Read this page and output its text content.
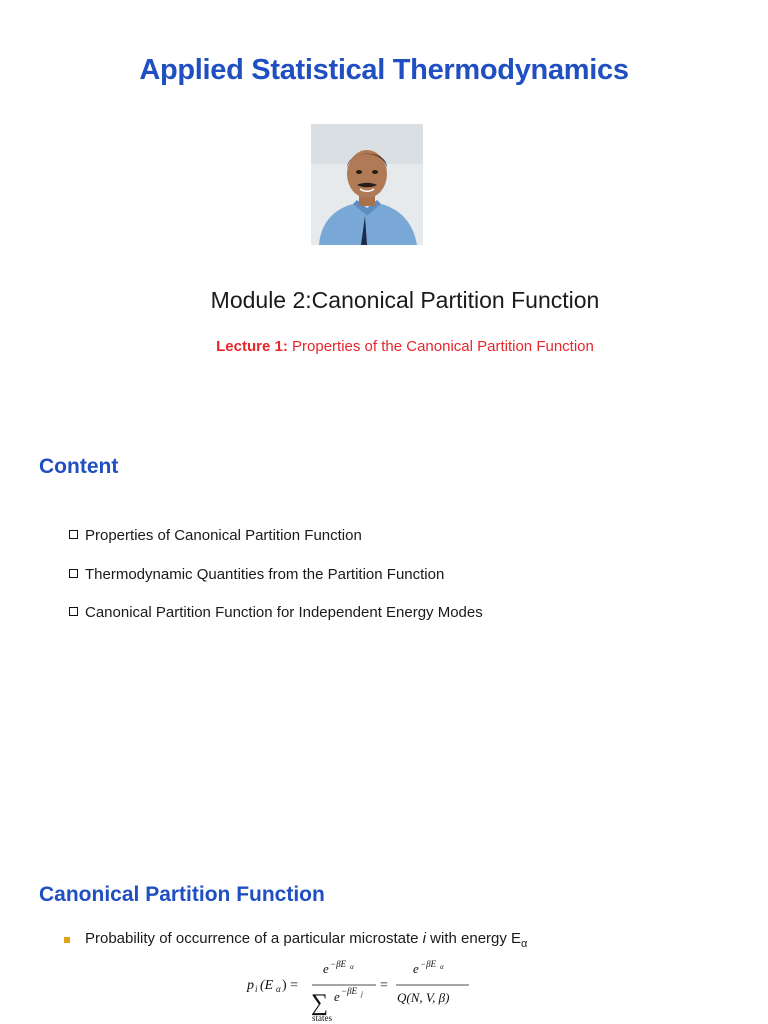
Applied Statistical Thermodynamics
Module 2:Canonical Partition Function
Lecture 1: Properties of the Canonical Partition Function
Content
Properties of Canonical Partition Function
Thermodynamic Quantities from the Partition Function
Canonical Partition Function for Independent Energy Modes
Canonical Partition Function
Probability of occurrence of a particular microstate i with energy $E_\alpha$
p i (E α ) =
e −βE α
∑ e −βE j
states
=
e −βE α
Q(N, V, β)
